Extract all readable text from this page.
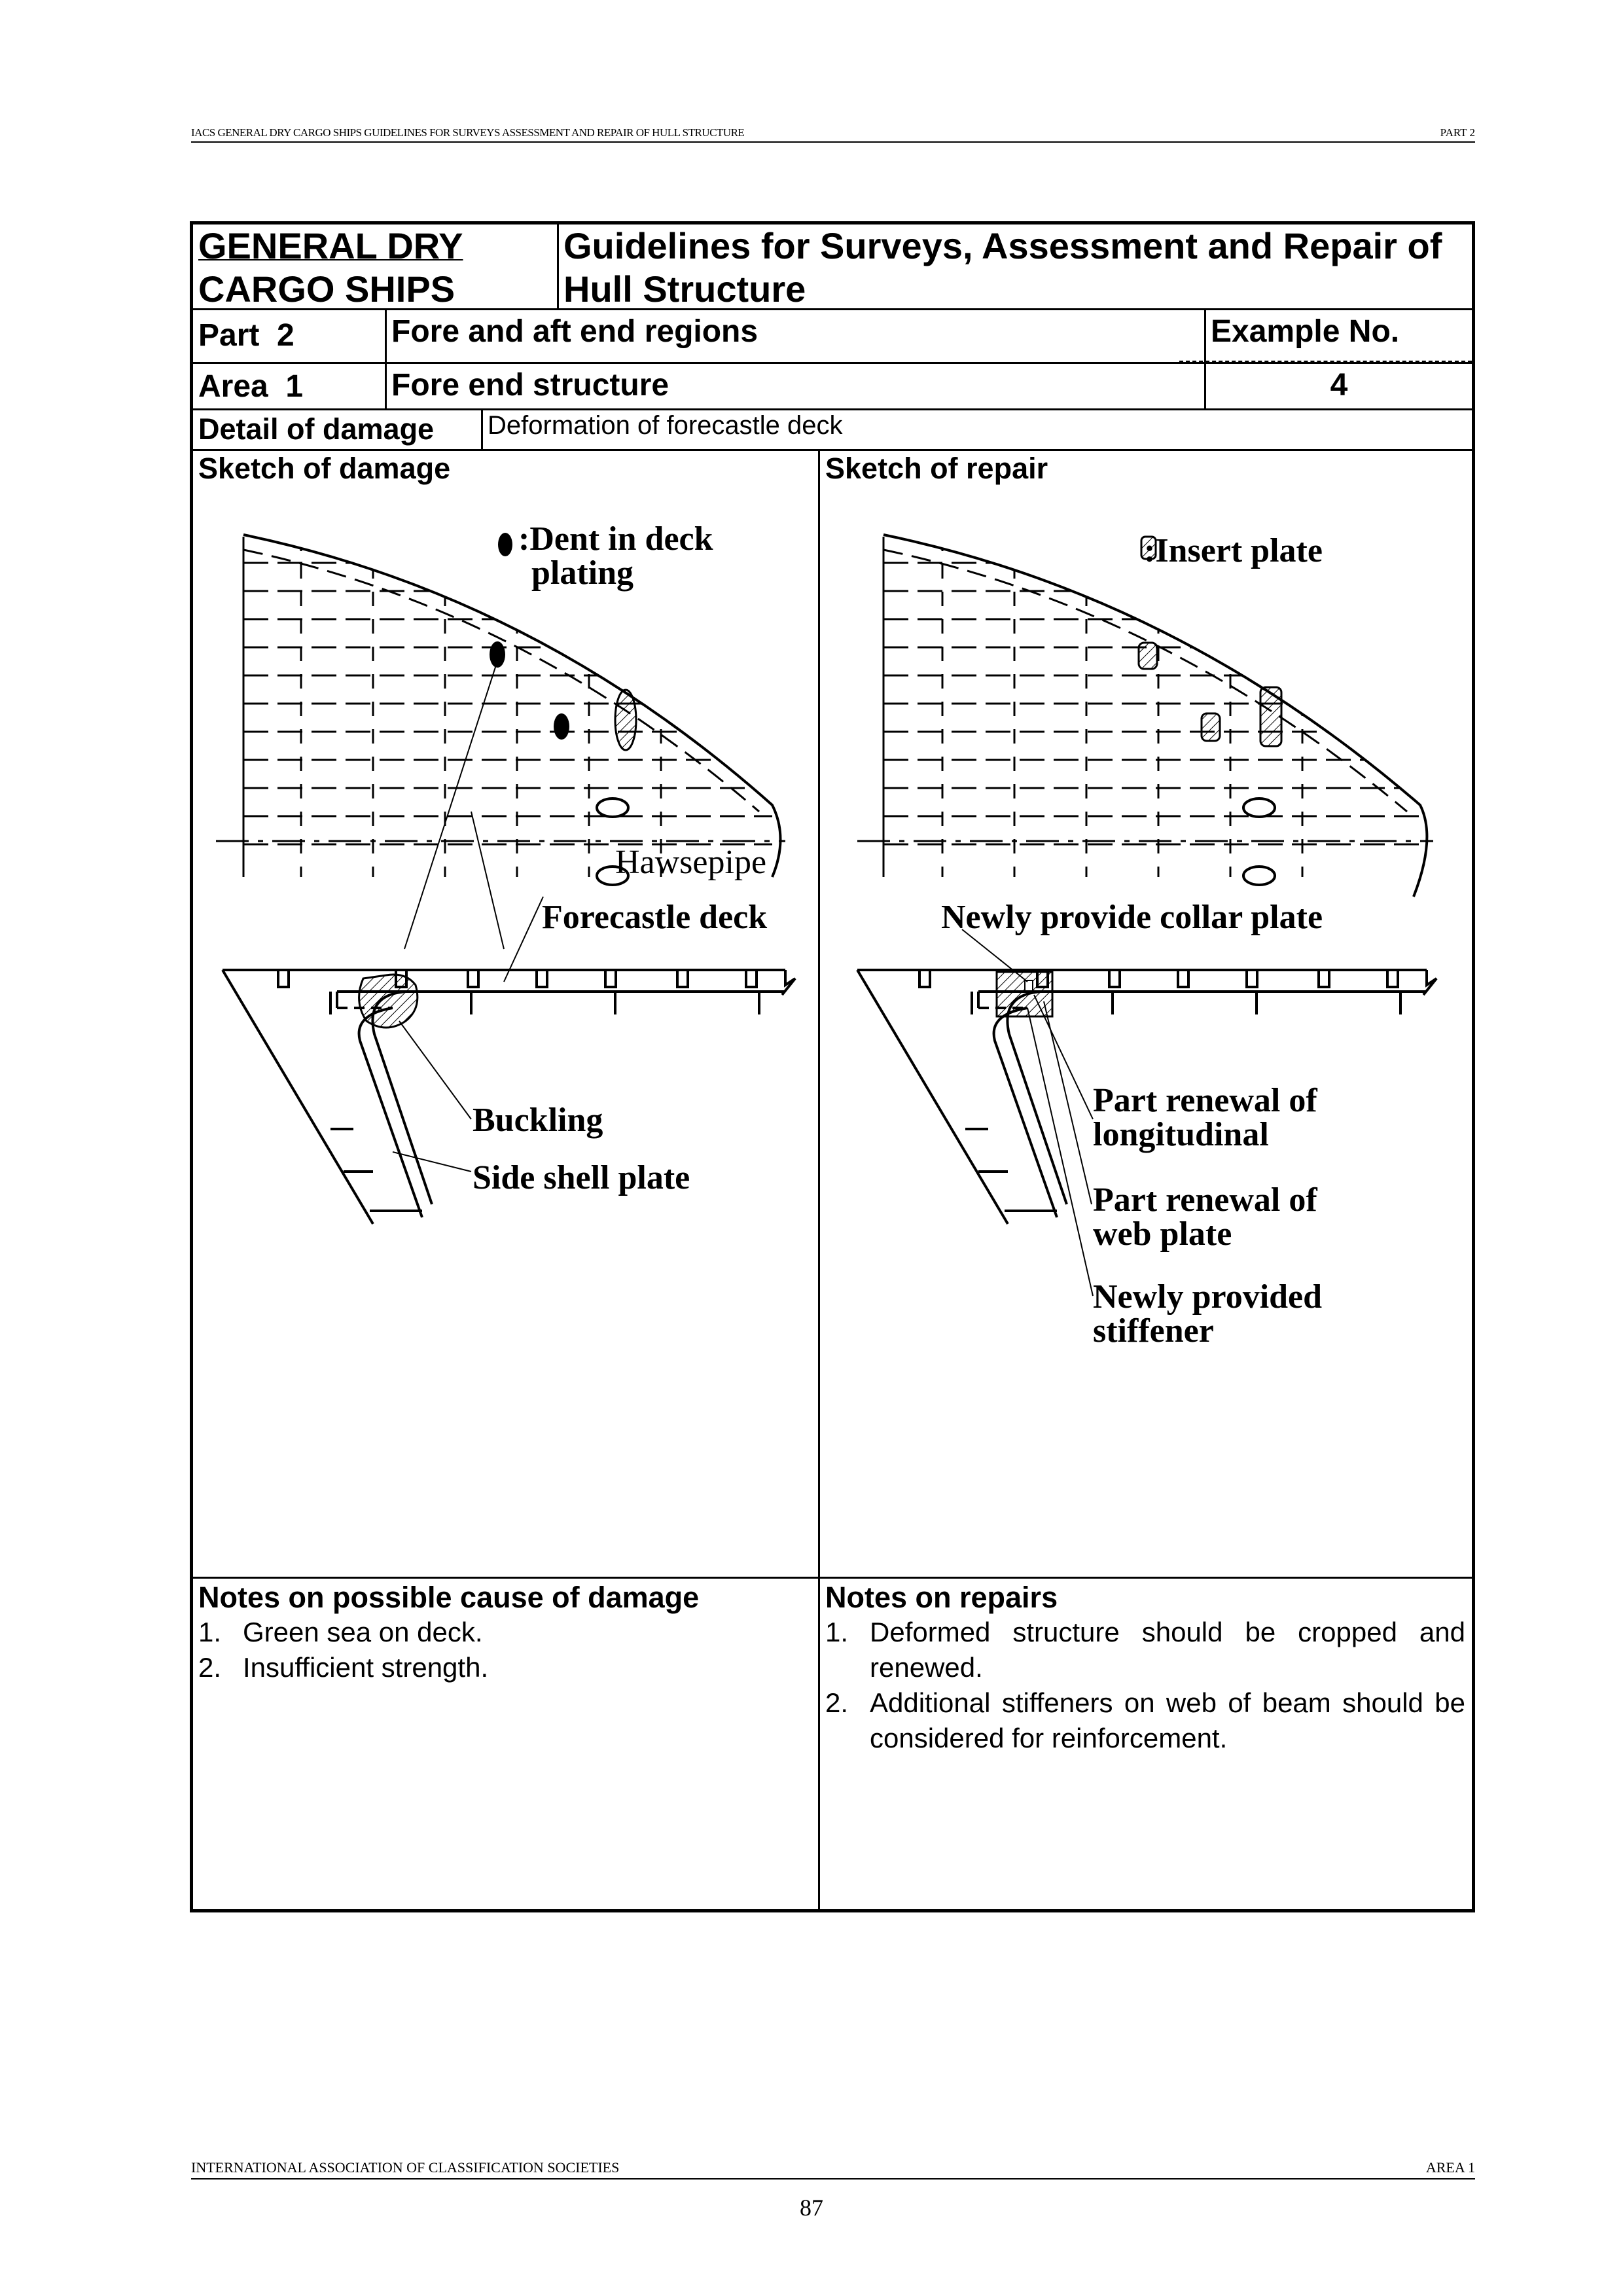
IACS GENERAL DRY CARGO SHIPS GUIDELINES FOR SURVEYS ASSESSMENT AND REPAIR OF HULL STRUCTURE	PART 2
GENERAL DRY
CARGO SHIPS
Guidelines for Surveys, Assessment and Repair of
Hull Structure
Part  2	Fore and aft end regions	Example No.
Area  1	Fore end structure	4
Detail of damage Deformation of forecastle deck
Sketch of damage	Sketch of repair
Notes on possible cause of damage
1. Green sea on deck.
2. Insufficient strength.
Notes on repairs
1. Deformed structure should be cropped and renewed.
2. Additional stiffeners on web of beam should be considered for reinforcement.
:Dent in deck
plating
Hawsepipe
Forecastle deck
Buckling
Side shell plate
:Insert plate
Newly provide collar plate
Part renewal of
longitudinal
Part renewal of
web plate
Newly provided
stiffener
INTERNATIONAL ASSOCIATION OF CLASSIFICATION SOCIETIES	AREA 1
87
